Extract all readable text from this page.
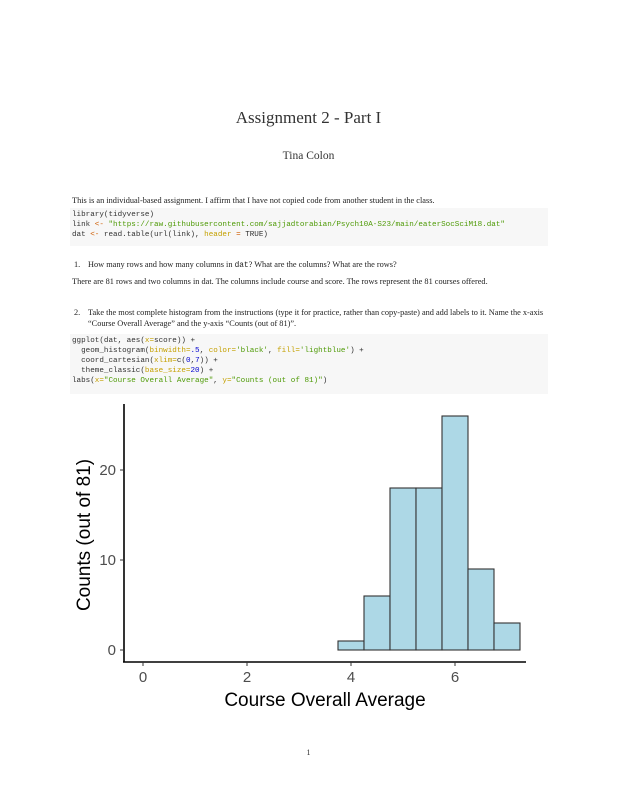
Assignment 2 - Part I
Tina Colon
This is an individual-based assignment. I affirm that I have not copied code from another student in the class.
library(tidyverse)
link <- "https://raw.githubusercontent.com/sajjadtorabian/Psych10A-S23/main/eaterSocSciM18.dat"
dat <- read.table(url(link), header = TRUE)
1. How many rows and how many columns in dat? What are the columns? What are the rows?
There are 81 rows and two columns in dat. The columns include course and score. The rows represent the 81 courses offered.
2. Take the most complete histogram from the instructions (type it for practice, rather than copy-paste) and add labels to it. Name the x-axis “Course Overall Average” and the y-axis “Counts (out of 81)”.
ggplot(dat, aes(x=score)) +
geom_histogram(binwidth=.5, color='black', fill='lightblue') +
coord_cartesian(xlim=c(0,7)) +
theme_classic(base_size=20) +
labs(x="Course Overall Average", y="Counts (out of 81)")
0
10
20
0	2	4	6
Course Overall Average
Counts (out of 81)
1
